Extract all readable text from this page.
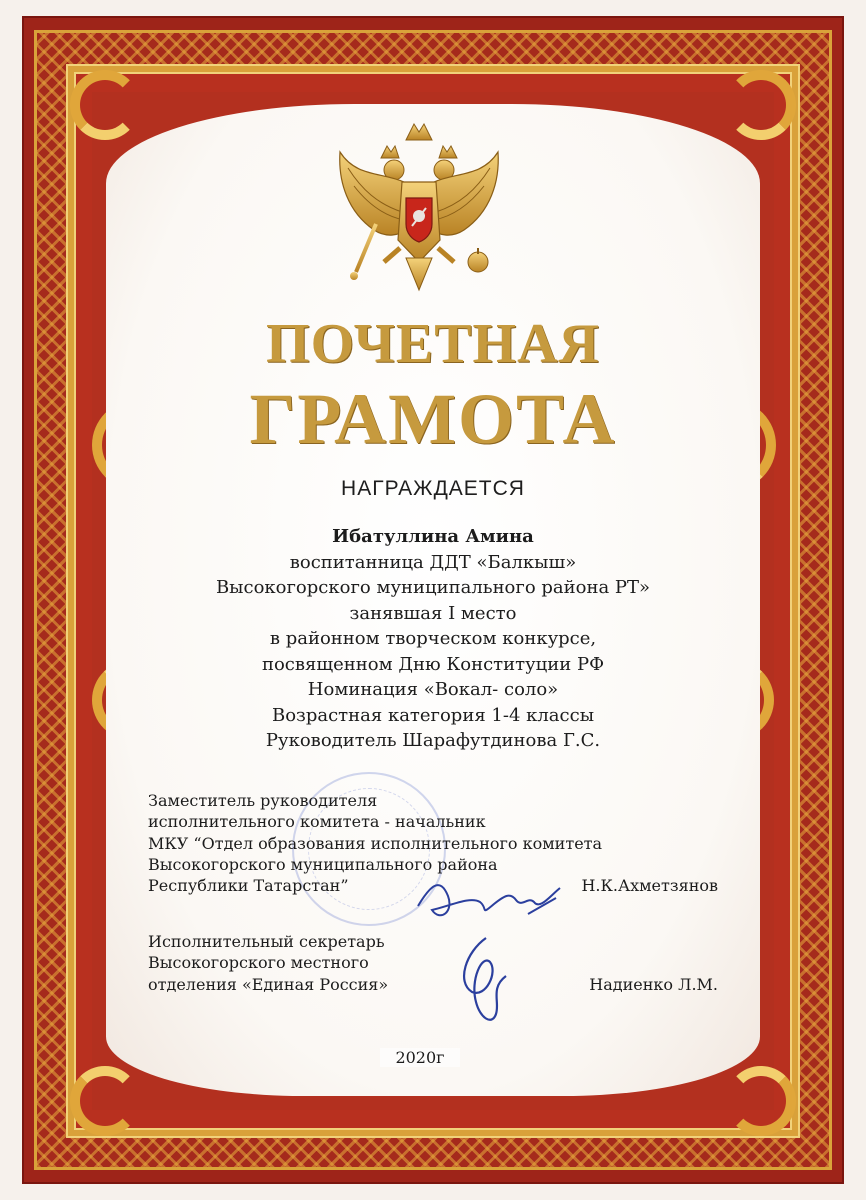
ПОЧЕТНАЯ
ГРАМОТА
НАГРАЖДАЕТСЯ
Ибатуллина Амина
воспитанница ДДТ «Балкыш»
Высокогорского муниципального района РТ»
занявшая I место
в районном творческом конкурсе,
посвященном Дню Конституции РФ
Номинация «Вокал- соло»
Возрастная категория 1-4 классы
Руководитель Шарафутдинова Г.С.
Заместитель руководителя
исполнительного комитета - начальник
МКУ “Отдел образования исполнительного комитета
Высокогорского муниципального района
Республики Татарстан”	Н.К.Ахметзянов
Исполнительный секретарь
Высокогорского местного
отделения «Единая Россия»	Надиенко Л.М.
2020г
